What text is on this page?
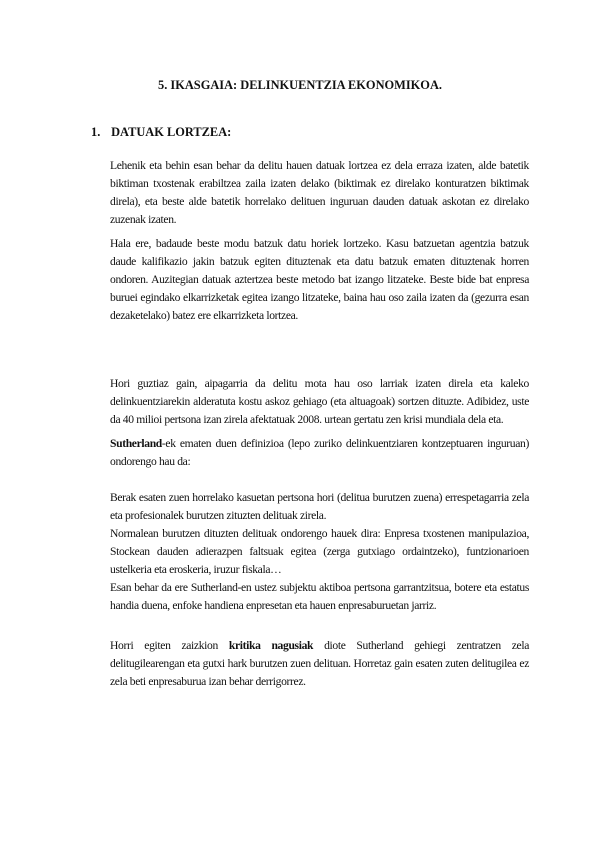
5. IKASGAIA: DELINKUENTZIA EKONOMIKOA.
1. DATUAK LORTZEA:

Lehenik eta behin esan behar da delitu hauen datuak lortzea ez dela erraza izaten, alde batetik biktiman txostenak erabiltzea zaila izaten delako (biktimak ez direlako konturatzen biktimak direla), eta beste alde batetik horrelako delituen inguruan dauden datuak askotan ez direlako zuzenak izaten.

Hala ere, badaude beste modu batzuk datu horiek lortzeko. Kasu batzuetan agentzia batzuk daude kalifikazio jakin batzuk egiten dituztenak eta datu batzuk ematen dituztenak horren ondoren. Auzitegian datuak aztertzea beste metodo bat izango litzateke. Beste bide bat enpresa buruei egindako elkarrizketak egitea izango litzateke, baina hau oso zaila izaten da (gezurra esan dezaketelako) batez ere elkarrizketa lortzea.

Hori guztiaz gain, aipagarria da delitu mota hau oso larriak izaten direla eta kaleko delinkuentziarekin alderatuta kostu askoz gehiago (eta altuagoak) sortzen dituzte. Adibidez, uste da 40 milioi pertsona izan zirela afektatuak 2008. urtean gertatu zen krisi mundiala dela eta.

Sutherland-ek ematen duen definizioa (lepo zuriko delinkuentziaren kontzeptuaren inguruan) ondorengo hau da:

Berak esaten zuen horrelako kasuetan pertsona hori (delitua burutzen zuena) errespetagarria zela eta profesionalek burutzen zituzten delituak zirela.

Normalean burutzen dituzten delituak ondorengo hauek dira: Enpresa txostenen manipulazioa, Stockean dauden adierazpen faltsuak egitea (zerga gutxiago ordaintzeko), funtzionarioen ustelkeria eta eroskeria, iruzur fiskala…

Esan behar da ere Sutherland-en ustez subjektu aktiboa pertsona garrantzitsua, botere eta estatus handia duena, enfoke handiena enpresetan eta hauen enpresaburuetan jarriz.

Horri egiten zaizkion kritika nagusiak diote Sutherland gehiegi zentratzen zela delitugilearengan eta gutxi hark burutzen zuen delituan. Horretaz gain esaten zuten delitugilea ez zela beti enpresaburua izan behar derrigorrez.
